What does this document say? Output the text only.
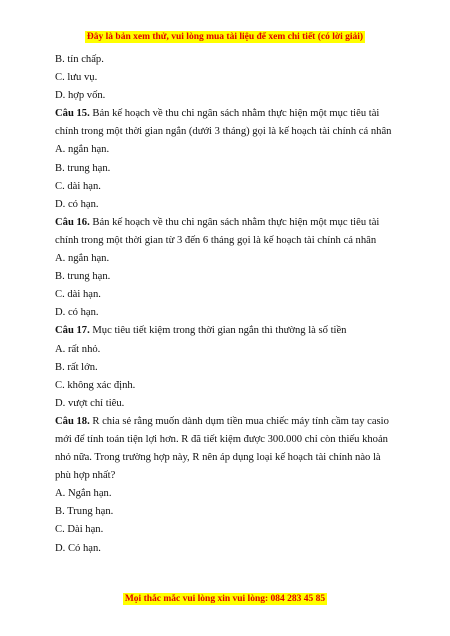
Đây là bản xem thử, vui lòng mua tài liệu để xem chi tiết (có lời giải)
B. tín chấp.
C. lưu vụ.
D. hợp vốn.
Câu 15. Bản kế hoạch về thu chi ngân sách nhằm thực hiện một mục tiêu tài
chính trong một thời gian ngắn (dưới 3 tháng) gọi là kế hoạch tài chính cá nhân
A. ngắn hạn.
B. trung hạn.
C. dài hạn.
D. có hạn.
Câu 16. Bản kế hoạch về thu chi ngân sách nhằm thực hiện một mục tiêu tài
chính trong một thời gian từ 3 đến 6 tháng gọi là kế hoạch tài chính cá nhân
A. ngắn hạn.
B. trung hạn.
C. dài hạn.
D. có hạn.
Câu 17. Mục tiêu tiết kiệm trong thời gian ngắn thì thường là số tiền
A. rất nhỏ.
B. rất lớn.
C. không xác định.
D. vượt chỉ tiêu.
Câu 18. R chia sẻ rằng muốn dành dụm tiền mua chiếc máy tính cầm tay casio
mới để tính toán tiện lợi hơn. R đã tiết kiệm được 300.000 chỉ còn thiếu khoản
nhỏ nữa. Trong trường hợp này, R nên áp dụng loại kế hoạch tài chính nào là
phù hợp nhất?
A. Ngắn hạn.
B. Trung hạn.
C. Dài hạn.
D. Có hạn.
Mọi thắc mắc vui lòng xin vui lòng: 084 283 45 85
